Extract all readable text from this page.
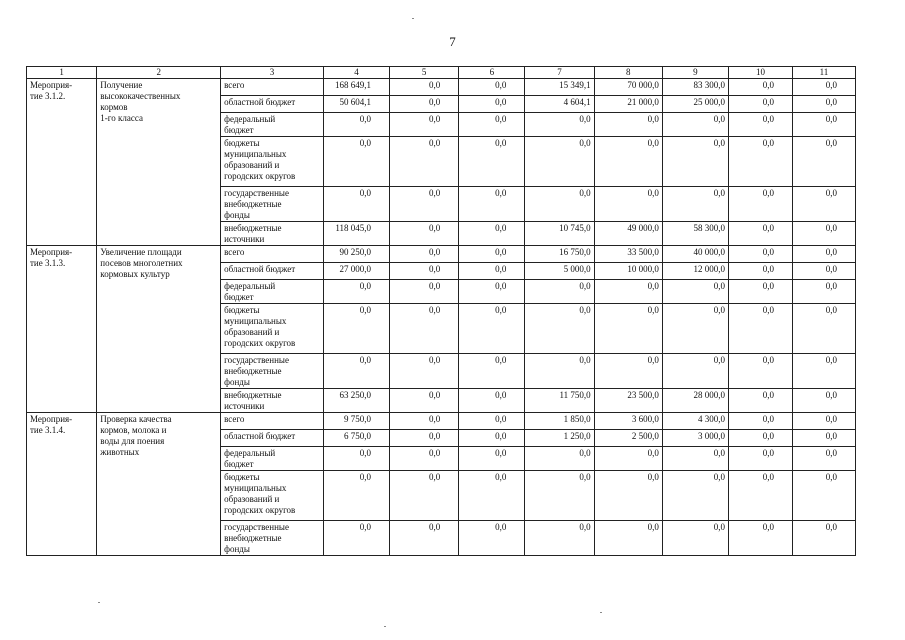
7
1	2	3	4	5	6	7	8	9	10	11
Мероприя-
тие 3.1.2.	Получение
высококачественных
кормов
1-го класса	всего	168 649,1	0,0	0,0	15 349,1	70 000,0	83 300,0	0,0	0,0
		областной бюджет	50 604,1	0,0	0,0	4 604,1	21 000,0	25 000,0	0,0	0,0
		федеральный
бюджет	0,0	0,0	0,0	0,0	0,0	0,0	0,0	0,0
		бюджеты
муниципальных
образований и
городских округов	0,0	0,0	0,0	0,0	0,0	0,0	0,0	0,0
		государственные
внебюджетные
фонды	0,0	0,0	0,0	0,0	0,0	0,0	0,0	0,0
		внебюджетные
источники	118 045,0	0,0	0,0	10 745,0	49 000,0	58 300,0	0,0	0,0
Мероприя-
тие 3.1.3.	Увеличение площади
посевов многолетних
кормовых культур	всего	90 250,0	0,0	0,0	16 750,0	33 500,0	40 000,0	0,0	0,0
		областной бюджет	27 000,0	0,0	0,0	5 000,0	10 000,0	12 000,0	0,0	0,0
		федеральный
бюджет	0,0	0,0	0,0	0,0	0,0	0,0	0,0	0,0
		бюджеты
муниципальных
образований и
городских округов	0,0	0,0	0,0	0,0	0,0	0,0	0,0	0,0
		государственные
внебюджетные
фонды	0,0	0,0	0,0	0,0	0,0	0,0	0,0	0,0
		внебюджетные
источники	63 250,0	0,0	0,0	11 750,0	23 500,0	28 000,0	0,0	0,0
Мероприя-
тие 3.1.4.	Проверка качества
кормов, молока и
воды для поения
животных	всего	9 750,0	0,0	0,0	1 850,0	3 600,0	4 300,0	0,0	0,0
		областной бюджет	6 750,0	0,0	0,0	1 250,0	2 500,0	3 000,0	0,0	0,0
		федеральный
бюджет	0,0	0,0	0,0	0,0	0,0	0,0	0,0	0,0
		бюджеты
муниципальных
образований и
городских округов	0,0	0,0	0,0	0,0	0,0	0,0	0,0	0,0
		государственные
внебюджетные
фонды	0,0	0,0	0,0	0,0	0,0	0,0	0,0	0,0
